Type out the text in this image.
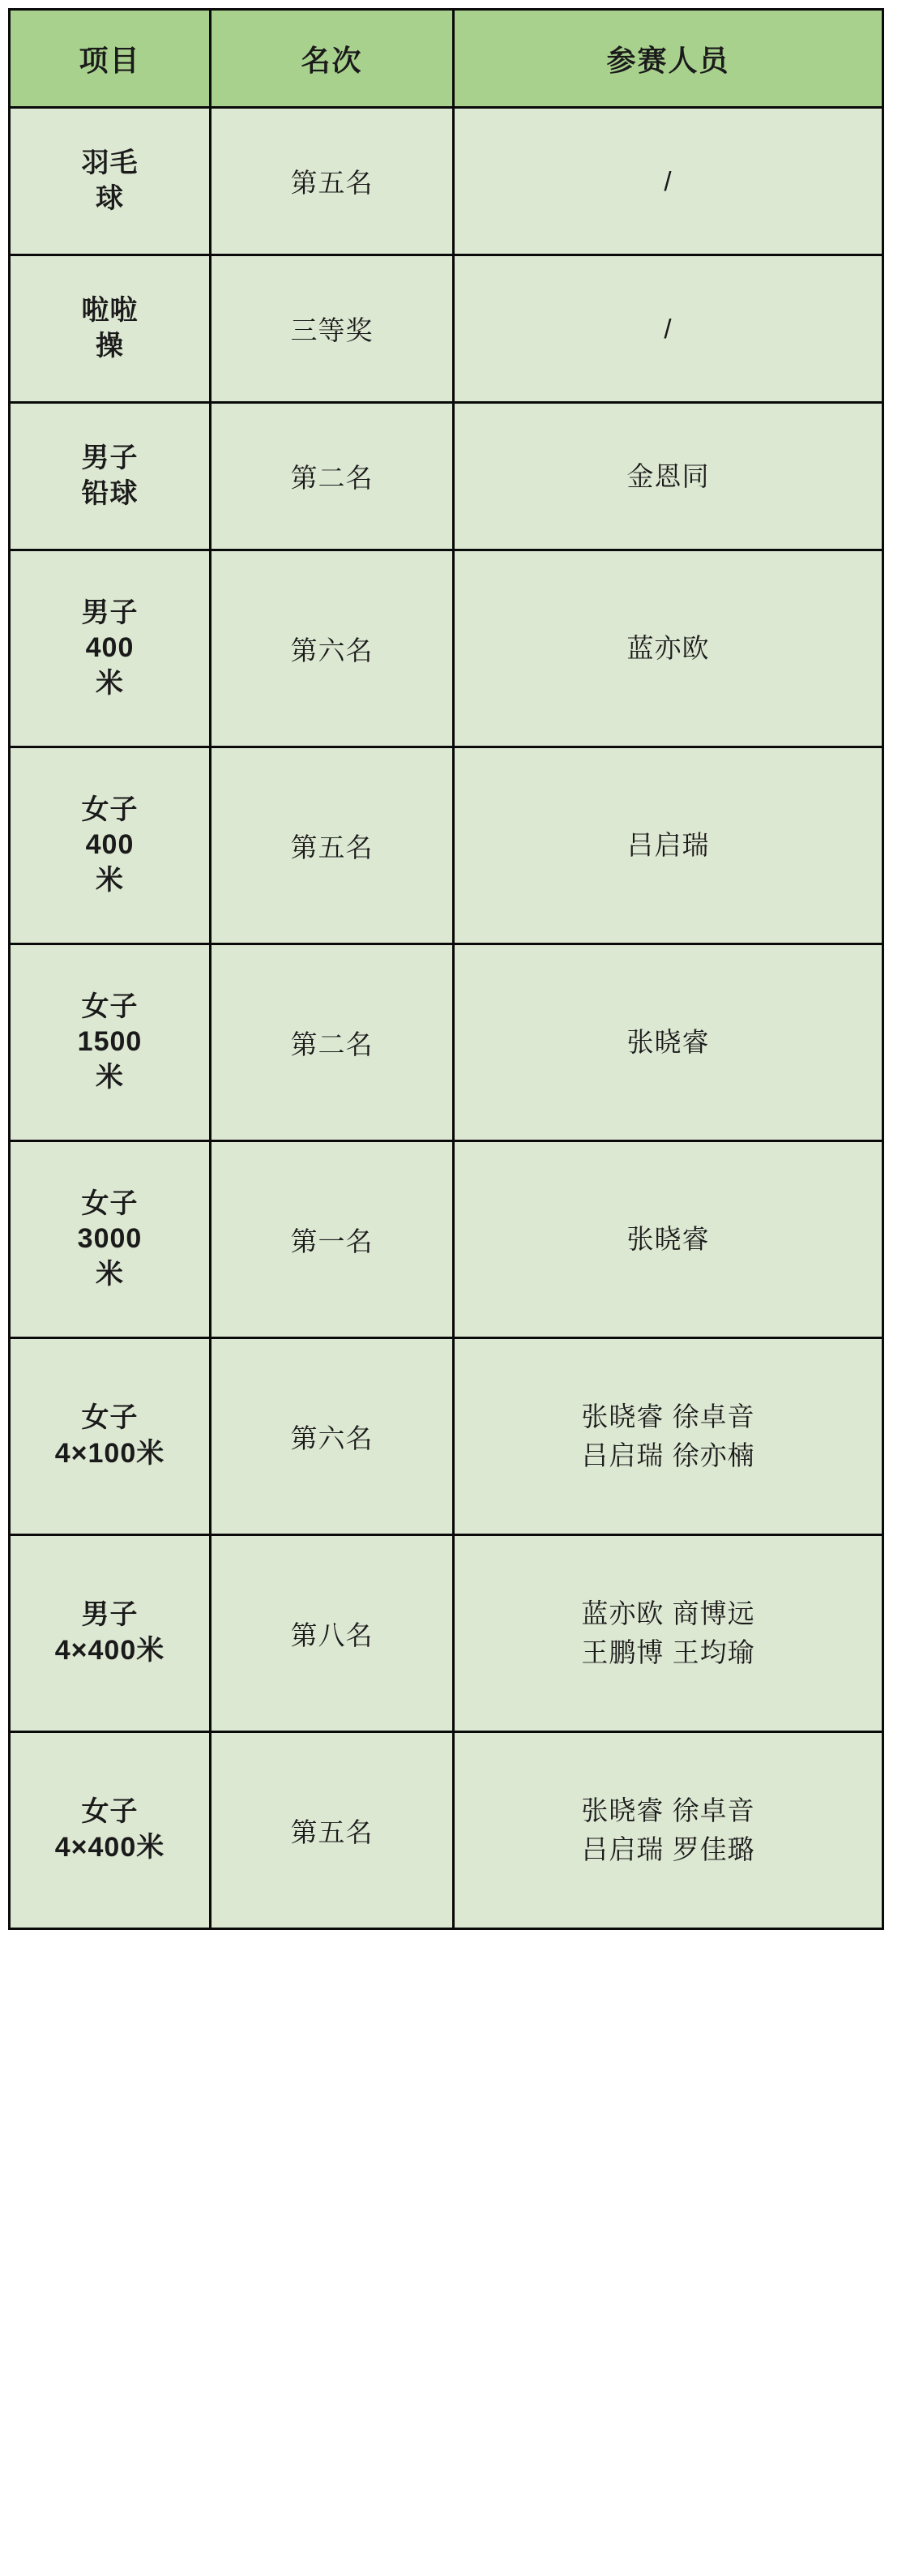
项目	名次	参赛人员
羽毛
球	第五名	/

啦啦
操	三等奖	/

男子
铅球	第二名	金恩同

男子
400
米	第六名	蓝亦欧

女子
400
米	第五名	吕启瑞

女子
1500
米	第二名	张晓睿

女子
3000
米	第一名	张晓睿

女子
4×100米	第六名	张晓睿 徐卓音
吕启瑞 徐亦楠

男子
4×400米	第八名	蓝亦欧 商博远
王鹏博 王均瑜

女子
4×400米	第五名	张晓睿 徐卓音
吕启瑞 罗佳璐
